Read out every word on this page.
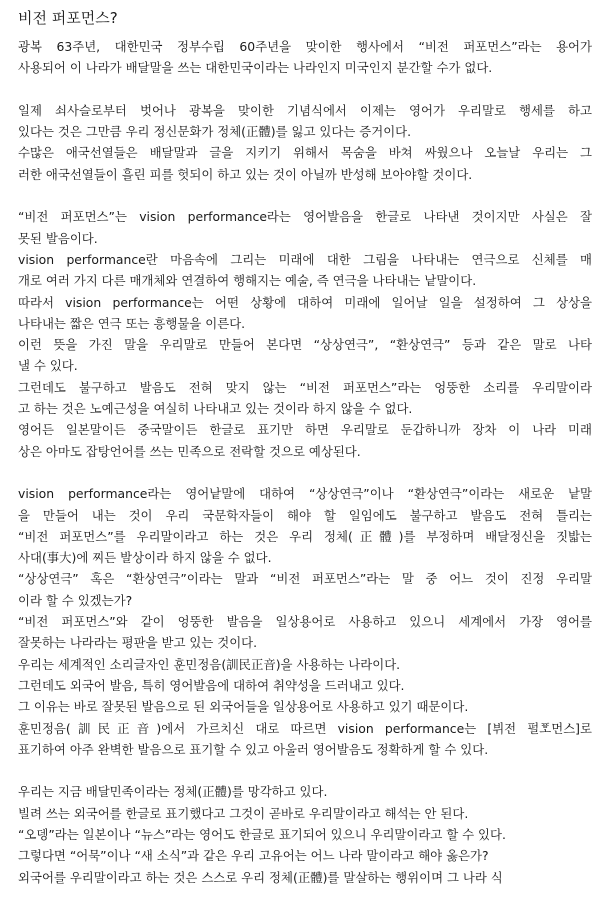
비전 퍼포먼스?
광복 63주년, 대한민국 정부수립 60주년을 맞이한 행사에서 “비전 퍼포먼스”라는 용어가
사용되어 이 나라가 배달말을 쓰는 대한민국이라는 나라인지 미국인지 분간할 수가 없다.
일제 쇠사슬로부터 벗어나 광복을 맞이한 기념식에서 이제는 영어가 우리말로 행세를 하고
있다는 것은 그만큼 우리 정신문화가 정체(正體)를 잃고 있다는 증거이다.
수많은 애국선열들은 배달말과 글을 지키기 위해서 목숨을 바쳐 싸웠으나 오늘날 우리는 그
러한 애국선열들이 흘린 피를 헛되이 하고 있는 것이 아닐까 반성해 보아야할 것이다.
“비전 퍼포먼스”는 vision performance라는 영어발음을 한글로 나타낸 것이지만 사실은 잘
못된 발음이다.
vision performance란 마음속에 그리는 미래에 대한 그림을 나타내는 연극으로 신체를 매
개로 여러 가지 다른 매개체와 연결하여 행해지는 예술, 즉 연극을 나타내는 낱말이다.
따라서 vision performance는 어떤 상황에 대하여 미래에 일어날 일을 설정하여 그 상상을
나타내는 짧은 연극 또는 흥행물을 이른다.
이런 뜻을 가진 말을 우리말로 만들어 본다면 “상상연극”, “환상연극” 등과 같은 말로 나타
낼 수 있다.
그런데도 불구하고 발음도 전혀 맞지 않는 “비전 퍼포먼스”라는 엉뚱한 소리를 우리말이라
고 하는 것은 노예근성을 여실히 나타내고 있는 것이라 하지 않을 수 없다.
영어든 일본말이든 중국말이든 한글로 표기만 하면 우리말로 둔갑하니까 장차 이 나라 미래
상은 아마도 잡탕언어를 쓰는 민족으로 전락할 것으로 예상된다.
vision performance라는 영어낱말에 대하여 “상상연극”이나 “환상연극”이라는 새로운 낱말
을 만들어 내는 것이 우리 국문학자들이 해야 할 일임에도 불구하고 발음도 전혀 틀리는
“비전 퍼포먼스”를 우리말이라고 하는 것은 우리 정체(正體)를 부정하며 배달정신을 짓밟는
사대(事大)에 찌든 발상이라 하지 않을 수 없다.
“상상연극” 혹은 “환상연극”이라는 말과 “비전 퍼포먼스”라는 말 중 어느 것이 진정 우리말
이라 할 수 있겠는가?
“비전 퍼포먼스”와 같이 엉뚱한 발음을 일상용어로 사용하고 있으니 세계에서 가장 영어를
잘못하는 나라라는 평판을 받고 있는 것이다.
우리는 세계적인 소리글자인 훈민정음(訓民正音)을 사용하는 나라이다.
그런데도 외국어 발음, 특히 영어발음에 대하여 취약성을 드러내고 있다.
그 이유는 바로 잘못된 발음으로 된 외국어들을 일상용어로 사용하고 있기 때문이다.
훈민정음(訓民正音)에서 가르치신 대로 따르면 vision performance는 [뷔전 펄ᅗᅩ먼스]로
표기하여 아주 완벽한 발음으로 표기할 수 있고 아울러 영어발음도 정확하게 할 수 있다.
우리는 지금 배달민족이라는 정체(正體)를 망각하고 있다.
빌려 쓰는 외국어를 한글로 표기했다고 그것이 곧바로 우리말이라고 해석는 안 된다.
“오뎅”라는 일본이나 “뉴스”라는 영어도 한글로 표기되어 있으니 우리말이라고 할 수 있다.
그렇다면 “어묵”이나 “새 소식”과 같은 우리 고유어는 어느 나라 말이라고 해야 옳은가?
외국어를 우리말이라고 하는 것은 스스로 우리 정체(正體)를 말살하는 행위이며 그 나라 식
